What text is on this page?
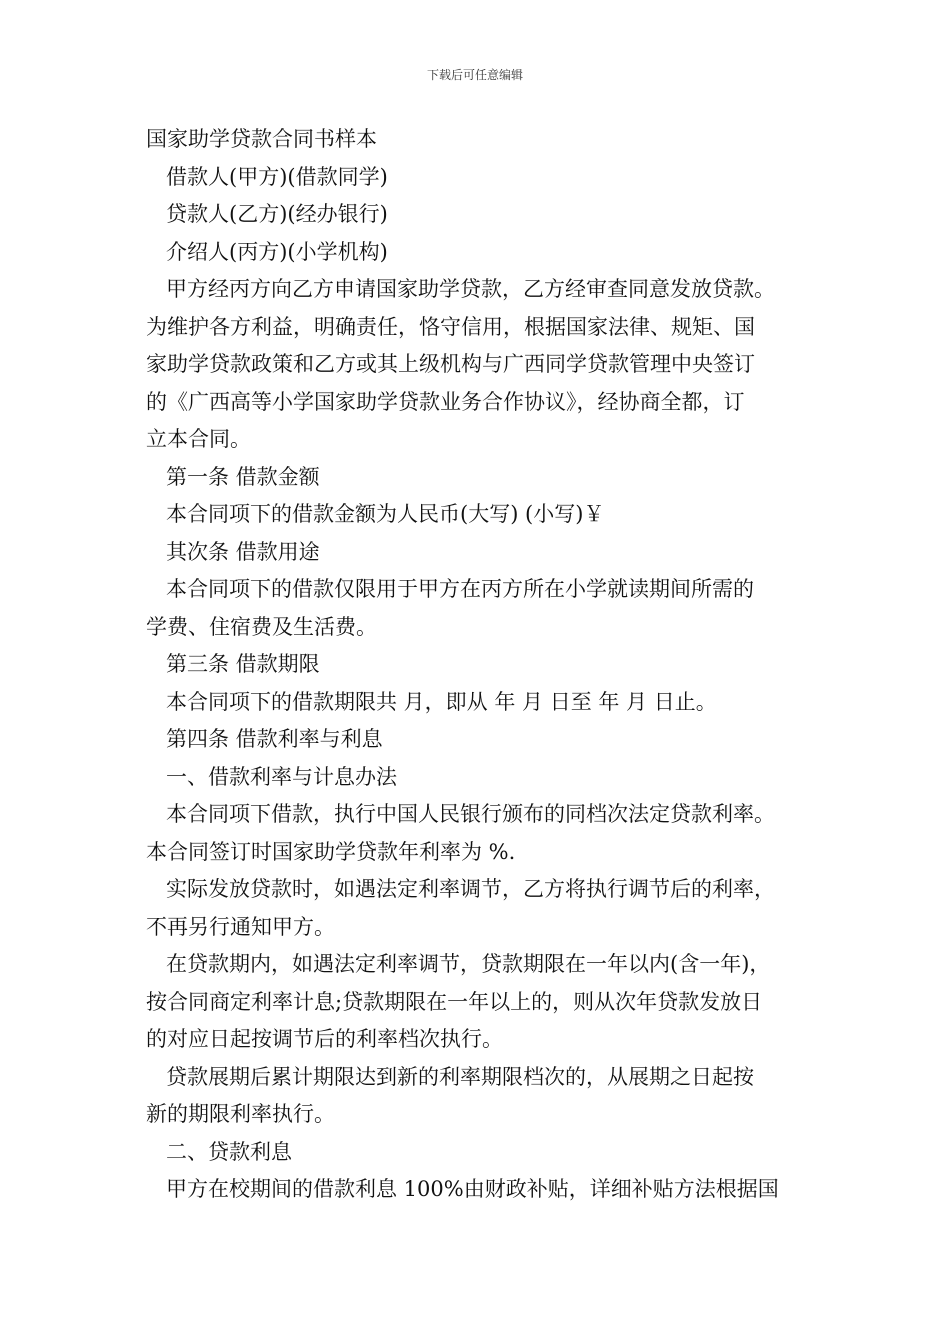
下载后可任意编辑
国家助学贷款合同书样本
借款人(甲方)(借款同学)
贷款人(乙方)(经办银行)
介绍人(丙方)(小学机构)
甲方经丙方向乙方申请国家助学贷款，乙方经审查同意发放贷款。
为维护各方利益，明确责任，恪守信用，根据国家法律、规矩、国
家助学贷款政策和乙方或其上级机构与广西同学贷款管理中央签订
的《广西高等小学国家助学贷款业务合作协议》，经协商全都，订
立本合同。
第一条 借款金额
本合同项下的借款金额为人民币(大写) (小写)￥
其次条 借款用途
本合同项下的借款仅限用于甲方在丙方所在小学就读期间所需的
学费、住宿费及生活费。
第三条 借款期限
本合同项下的借款期限共 月，即从 年 月 日至 年 月 日止。
第四条 借款利率与利息
一、借款利率与计息办法
本合同项下借款，执行中国人民银行颁布的同档次法定贷款利率。
本合同签订时国家助学贷款年利率为 %.
实际发放贷款时，如遇法定利率调节，乙方将执行调节后的利率，
不再另行通知甲方。
在贷款期内，如遇法定利率调节，贷款期限在一年以内(含一年)，
按合同商定利率计息;贷款期限在一年以上的，则从次年贷款发放日
的对应日起按调节后的利率档次执行。
贷款展期后累计期限达到新的利率期限档次的，从展期之日起按
新的期限利率执行。
二、贷款利息
甲方在校期间的借款利息 100%由财政补贴，详细补贴方法根据国
